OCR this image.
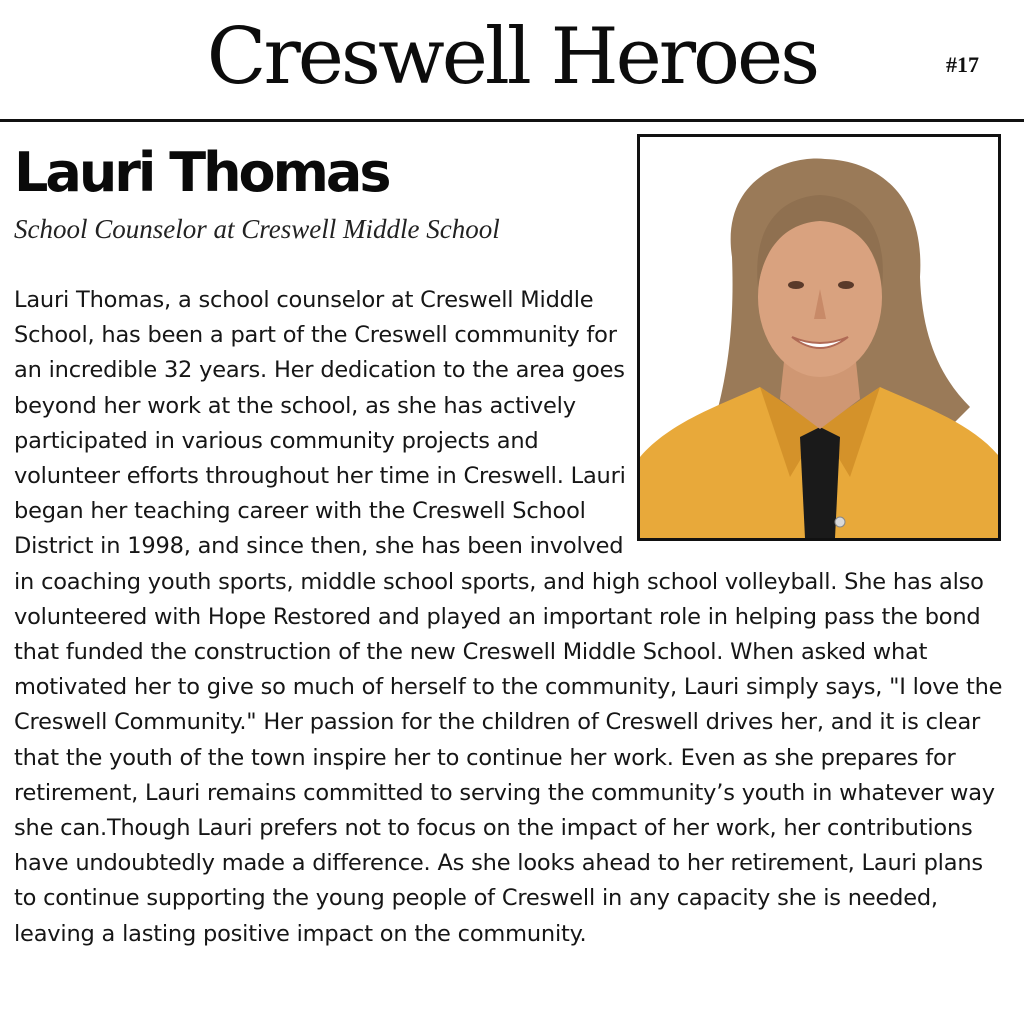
Creswell Heroes	#17
Lauri Thomas
School Counselor at Creswell Middle School

Lauri Thomas, a school counselor at Creswell Middle School, has been a part of the Creswell community for an incredible 32 years. Her dedication to the area goes beyond her work at the school, as she has actively participated in various community projects and volunteer efforts throughout her time in Creswell. Lauri began her teaching career with the Creswell School District in 1998, and since then, she has been involved in coaching youth sports, middle school sports, and high school volleyball. She has also volunteered with Hope Restored and played an important role in helping pass the bond that funded the construction of the new Creswell Middle School. When asked what motivated her to give so much of herself to the community, Lauri simply says, "I love the Creswell Community." Her passion for the children of Creswell drives her, and it is clear that the youth of the town inspire her to continue her work. Even as she prepares for retirement, Lauri remains committed to serving the community’s youth in whatever way she can.Though Lauri prefers not to focus on the impact of her work, her contributions have undoubtedly made a difference. As she looks ahead to her retirement, Lauri plans to continue supporting the young people of Creswell in any capacity she is needed, leaving a lasting positive impact on the community.
